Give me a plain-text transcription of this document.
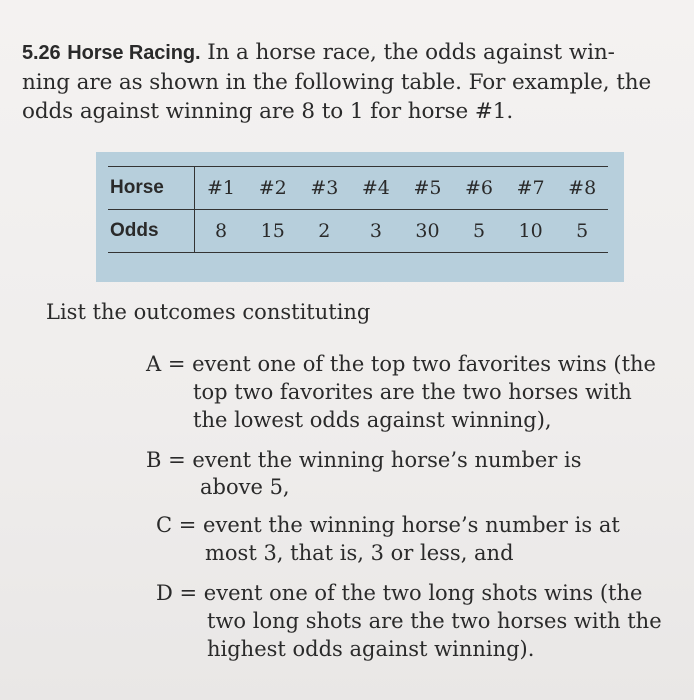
5.26 Horse Racing. In a horse race, the odds against win-
ning are as shown in the following table. For example, the
odds against winning are 8 to 1 for horse #1.
Horse	#1	#2	#3	#4	#5	#6	#7	#8
Odds	8	15	2	3	30	5	10	5
List the outcomes constituting
A = event one of the top two favorites wins (the
top two favorites are the two horses with
the lowest odds against winning),
B = event the winning horse’s number is
above 5,
C = event the winning horse’s number is at
most 3, that is, 3 or less, and
D = event one of the two long shots wins (the
two long shots are the two horses with the
highest odds against winning).
